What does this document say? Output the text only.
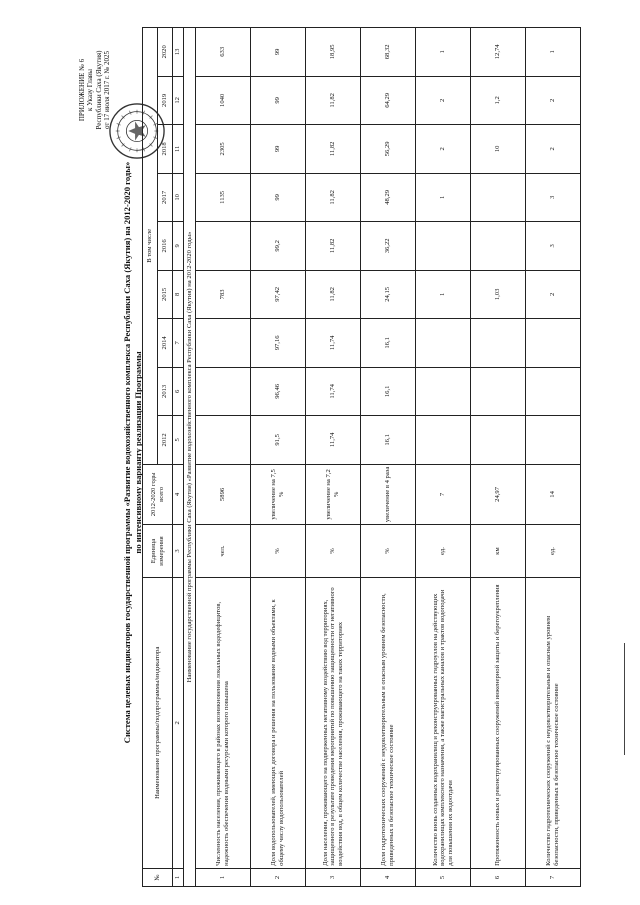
ПРИЛОЖЕНИЕ № 6 к Указу Главы Республики Саха (Якутия) от 17 июля 2017 г. № 2025
Система целевых индикаторов государственной программы «Развитие водохозяйственного комплекса Республики Саха (Якутия) на 2012-2020 годы» по интенсивному варианту реализации Программы
№	Наименование программы/подпрограммы/индикатора	Единица измерения	2012-2020 годы всего	В том числе								
				2012	2013	2014	2015	2016	2017	2018	2019	2020
1	2	3	4	5	6	7	8	9	10	11	12	13
Наименование государственной программы Республики Саха (Якутия) «Развитие водохозяйственного комплекса Республики Саха (Якутия) на 2012-2020 годы»												
1	Численность населения, проживающего в районах возникновения локальных вододефицитов, надежность обеспечения водными ресурсами которого повышена	чел.	5896				783		1135	2305	1040	633
2	Доля водопользователей, имеющих договора и решения на пользование водными объектами, к общему числу водопользователей	%	увеличение на 7,5 %	91,5	96,46	97,16	97,42	99,2	99	99	99	99
3	Доля населения, проживающего на подверженных негативному воздействию вод территориях, защищенного в результате проведения мероприятий по повышению защищенности от негативного воздействия вод, в общем количестве населения, проживающего на таких территориях	%	увеличение на 7,2 %	11,74	11,74	11,74	11,82	11,82	11,82	11,82	11,82	18,95
4	Доля гидротехнических сооружений с неудовлетворительным и опасным уровнем безопасности, приведенных в безопасное техническое состояние	%	увеличение в 4 раза	16,1	16,1	16,1	24,15	36,22	48,29	56,29	64,29	68,32
5	Количество вновь созданных водохранилищ и реконструированных гидроузлов на действующих водохранилищах комплексного назначения, а также магистральных каналов и трактов водоподачи для повышения их водоотдачи	ед.	7				1		1	2	2	1
6	Протяженность новых и реконструированных сооружений инженерной защиты и берегоукрепления	км	24,97				1,03			10	1,2	12,74
7	Количество гидротехнических сооружений с неудовлетворительным и опасным уровнем безопасности, приведенных в безопасное техническое состояние	ед.	14				2	3	3	2	2	1
